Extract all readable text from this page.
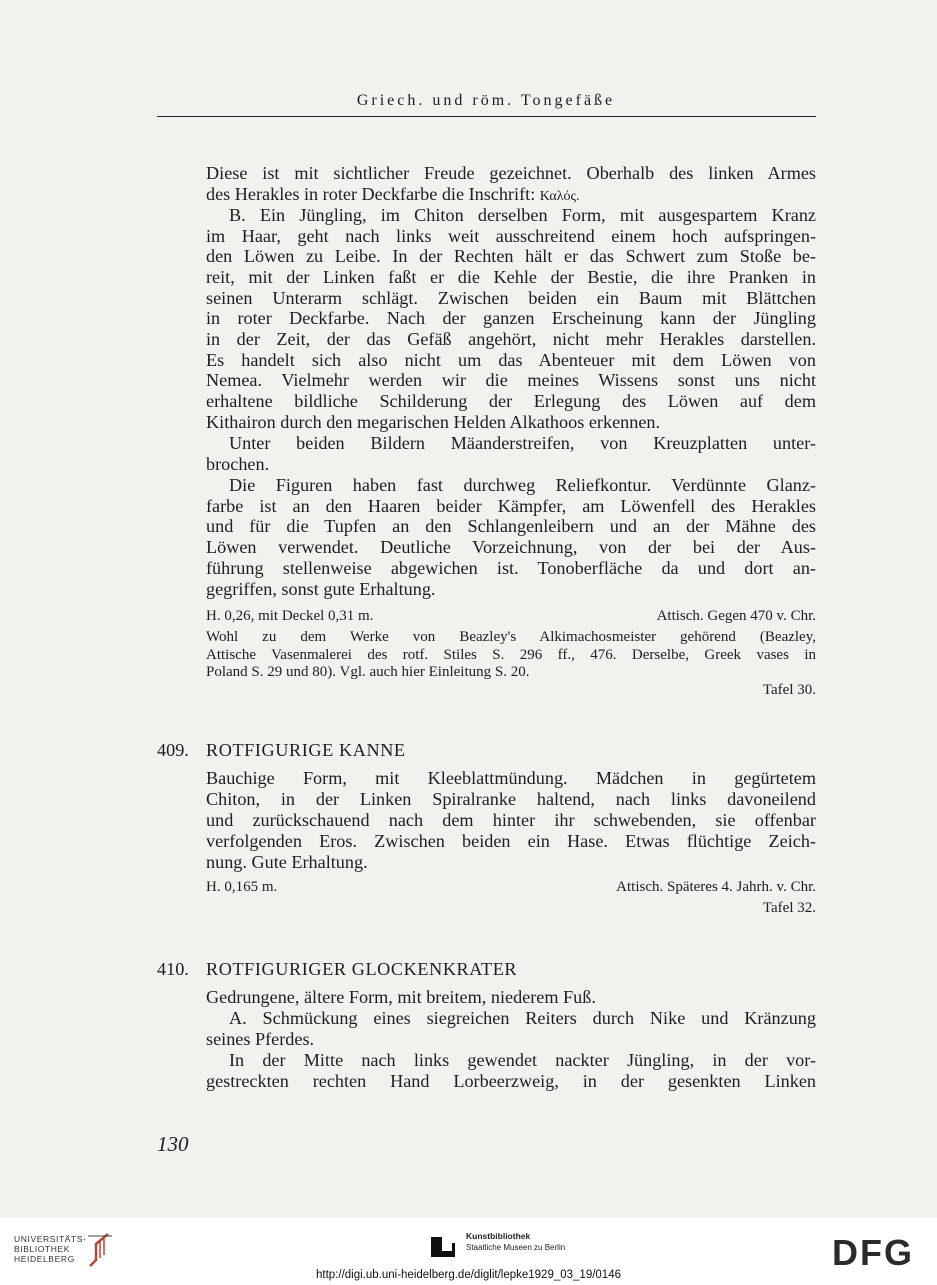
Griech. und röm. Tongefäße

Diese ist mit sichtlicher Freude gezeichnet. Oberhalb des linken Armes

des Herakles in roter Deckfarbe die Inschrift: Καλός.

B. Ein Jüngling, im Chiton derselben Form, mit ausgespartem Kranz

im Haar, geht nach links weit ausschreitend einem hoch aufspringen-

den Löwen zu Leibe. In der Rechten hält er das Schwert zum Stoße be-

reit, mit der Linken faßt er die Kehle der Bestie, die ihre Pranken in

seinen Unterarm schlägt. Zwischen beiden ein Baum mit Blättchen

in roter Deckfarbe. Nach der ganzen Erscheinung kann der Jüngling

in der Zeit, der das Gefäß angehört, nicht mehr Herakles darstellen.

Es handelt sich also nicht um das Abenteuer mit dem Löwen von

Nemea. Vielmehr werden wir die meines Wissens sonst uns nicht

erhaltene bildliche Schilderung der Erlegung des Löwen auf dem

Kithairon durch den megarischen Helden Alkathoos erkennen.

Unter beiden Bildern Mäanderstreifen, von Kreuzplatten unter-

brochen.

Die Figuren haben fast durchweg Reliefkontur. Verdünnte Glanz-

farbe ist an den Haaren beider Kämpfer, am Löwenfell des Herakles

und für die Tupfen an den Schlangenleibern und an der Mähne des

Löwen verwendet. Deutliche Vorzeichnung, von der bei der Aus-

führung stellenweise abgewichen ist. Tonoberfläche da und dort an-

gegriffen, sonst gute Erhaltung.

H. 0,26, mit Deckel 0,31 m.	Attisch. Gegen 470 v. Chr.

Wohl zu dem Werke von Beazley's Alkimachosmeister gehörend (Beazley,

Attische Vasenmalerei des rotf. Stiles S. 296 ff., 476. Derselbe, Greek vases in

Poland S. 29 und 80). Vgl. auch hier Einleitung S. 20.

Tafel 30.
409. ROTFIGURIGE KANNE

Bauchige Form, mit Kleeblattmündung. Mädchen in gegürtetem

Chiton, in der Linken Spiralranke haltend, nach links davoneilend

und zurückschauend nach dem hinter ihr schwebenden, sie offenbar

verfolgenden Eros. Zwischen beiden ein Hase. Etwas flüchtige Zeich-

nung. Gute Erhaltung.

H. 0,165 m.	Attisch. Späteres 4. Jahrh. v. Chr.
Tafel 32.
410. ROTFIGURIGER GLOCKENKRATER

Gedrungene, ältere Form, mit breitem, niederem Fuß.

A. Schmückung eines siegreichen Reiters durch Nike und Kränzung

seines Pferdes.

In der Mitte nach links gewendet nackter Jüngling, in der vor-

gestreckten rechten Hand Lorbeerzweig, in der gesenkten Linken

130
UNIVERSITÄTS-
BIBLIOTHEK
HEIDELBERG
Kunstbibliothek
Staatliche Museen zu Berlin	DFG
http://digi.ub.uni-heidelberg.de/diglit/lepke1929_03_19/0146
